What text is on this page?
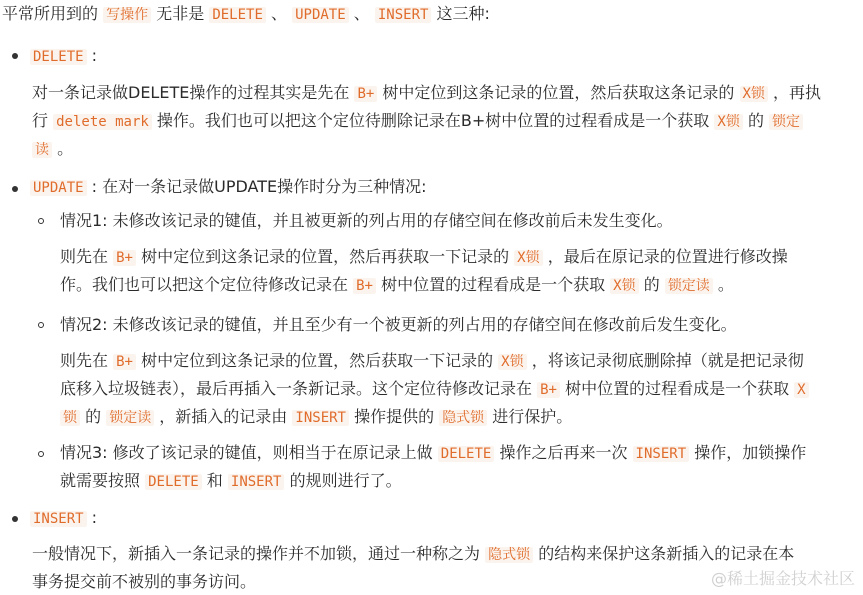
平常所用到的 写操作 无非是 DELETE 、 UPDATE 、 INSERT 这三种:
DELETE :
对一条记录做DELETE操作的过程其实是先在 B+ 树中定位到这条记录的位置，然后获取这条记录的 X锁 ，再执
行 delete mark 操作。我们也可以把这个定位待删除记录在B+树中位置的过程看成是一个获取 X锁 的 锁定
读 。
UPDATE : 在对一条记录做UPDATE操作时分为三种情况:
情况1: 未修改该记录的键值，并且被更新的列占用的存储空间在修改前后未发生变化。
则先在 B+ 树中定位到这条记录的位置，然后再获取一下记录的 X锁 ，最后在原记录的位置进行修改操
作。我们也可以把这个定位待修改记录在 B+ 树中位置的过程看成是一个获取 X锁 的 锁定读 。
情况2: 未修改该记录的键值，并且至少有一个被更新的列占用的存储空间在修改前后发生变化。
则先在 B+ 树中定位到这条记录的位置，然后获取一下记录的 X锁 ，将该记录彻底删除掉（就是把记录彻
底移入垃圾链表），最后再插入一条新记录。这个定位待修改记录在 B+ 树中位置的过程看成是一个获取 X
锁 的 锁定读 ，新插入的记录由 INSERT 操作提供的 隐式锁 进行保护。
情况3: 修改了该记录的键值，则相当于在原记录上做 DELETE 操作之后再来一次 INSERT 操作，加锁操作
就需要按照 DELETE 和 INSERT 的规则进行了。
INSERT :
一般情况下，新插入一条记录的操作并不加锁，通过一种称之为 隐式锁 的结构来保护这条新插入的记录在本
事务提交前不被别的事务访问。	@稀土掘金技术社区
